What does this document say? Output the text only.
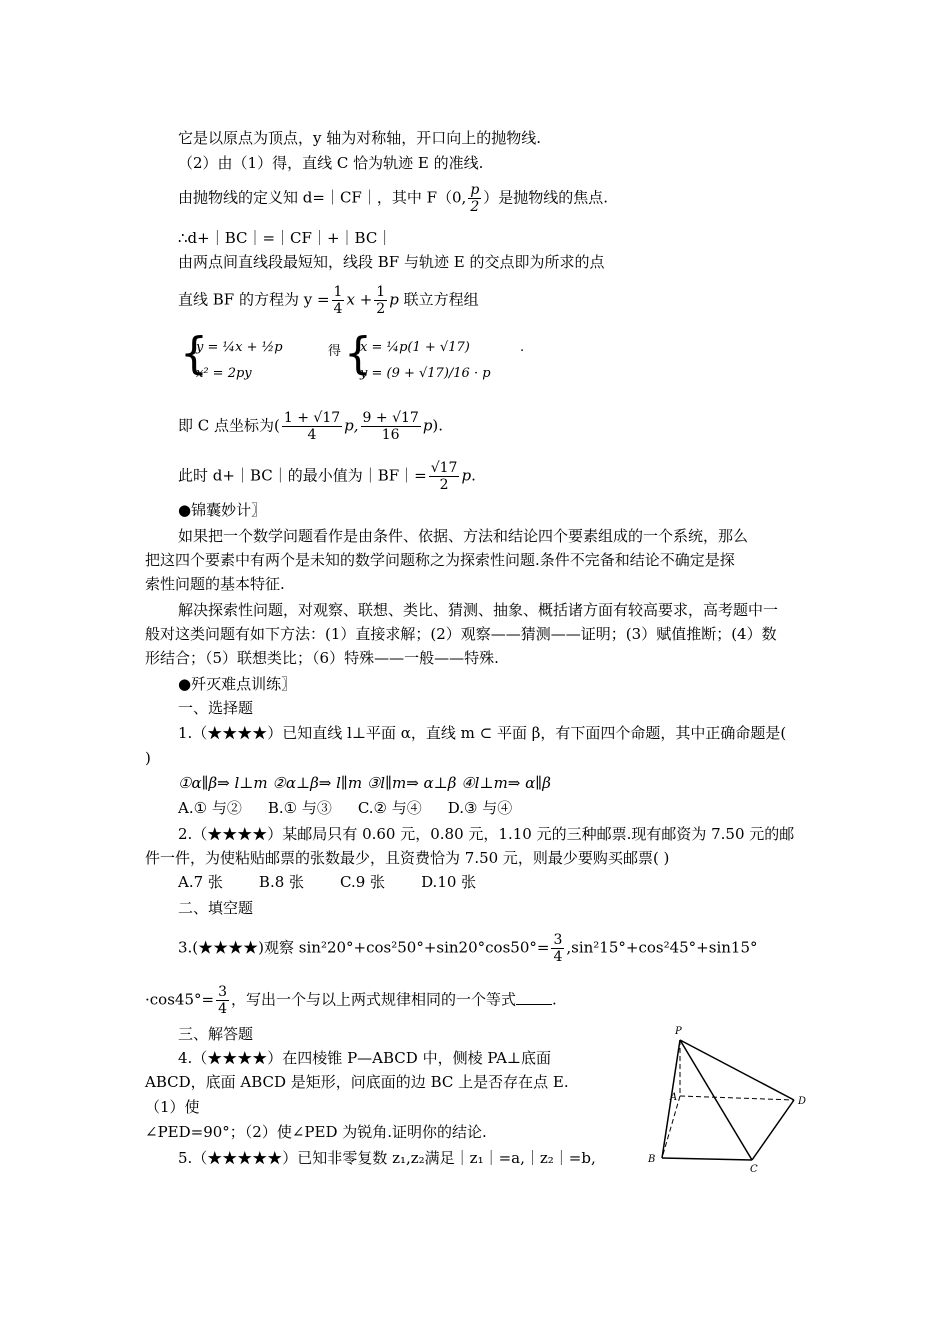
它是以原点为顶点，y 轴为对称轴，开口向上的抛物线.
（2）由（1）得，直线 C 恰为轨迹 E 的准线.
由抛物线的定义知 d=｜CF｜，其中 F（0, $\frac{p}{2}$ ）是抛物线的焦点.
∴d+｜BC｜=｜CF｜+｜BC｜
由两点间直线段最短知，线段 BF 与轨迹 E 的交点即为所求的点
直线 BF 的方程为 $y = \frac{1}{4}$ $x + \frac{1}{2}$ p 联立方程组
{
y = ¼x + ½p
x² = 2py
得 {
x = ¼p(1 + √17)
y = (9 + √17)/16 · p
.
即 C 点坐标为( $\frac{1 + √17}{4} p$, $\frac{9 + √17}{16} p$).
此时 d+｜BC｜的最小值为｜BF｜= $\frac{√17}{2} p$.
●锦囊妙计〗
如果把一个数学问题看作是由条件、依据、方法和结论四个要素组成的一个系统，那么
把这四个要素中有两个是未知的数学问题称之为探索性问题.条件不完备和结论不确定是探
索性问题的基本特征.
解决探索性问题，对观察、联想、类比、猜测、抽象、概括诸方面有较高要求，高考题中一
般对这类问题有如下方法：(1）直接求解；(2）观察——猜测——证明；(3）赋值推断；(4）数
形结合；（5）联想类比；（6）特殊——一般——特殊.
●歼灭难点训练〗
一、选择题
1.（★★★★）已知直线 l⊥平面 α，直线 m ⊂ 平面 β，有下面四个命题，其中正确命题是(
)
①α∥β⇒ l⊥m ②α⊥β⇒ l∥m ③l∥m⇒ α⊥β ④l⊥m⇒ α∥β
A.① 与② B.① 与③ C.② 与④ D.③ 与④
2.（★★★★）某邮局只有 0.60 元，0.80 元，1.10 元的三种邮票.现有邮资为 7.50 元的邮
件一件，为使粘贴邮票的张数最少，且资费恰为 7.50 元，则最少要购买邮票( )
A.7 张 B.8 张 C.9 张 D.10 张
二、填空题
3.(★★★★)观察 $\sin^220^\circ+\cos^250^\circ+\sin 20^\circ\cos 50^\circ= \frac{3}{4} ,\sin^215^\circ+\cos^245^\circ+\sin 15^\circ$
$\cdot\cos 45^\circ= \frac{3}{4}$ ，写出一个与以上两式规律相同的一个等式 .
三、解答题
4.（★★★★）在四棱锥 P—ABCD 中，侧棱 PA⊥底面
ABCD，底面 ABCD 是矩形，问底面的边 BC 上是否存在点 E.
（1）使
∠PED=90°；（2）使∠PED 为锐角.证明你的结论.
5.（★★★★★）已知非零复数 z₁,z₂满足｜z₁｜=a,｜z₂｜=b,
P
A	D
B
C
